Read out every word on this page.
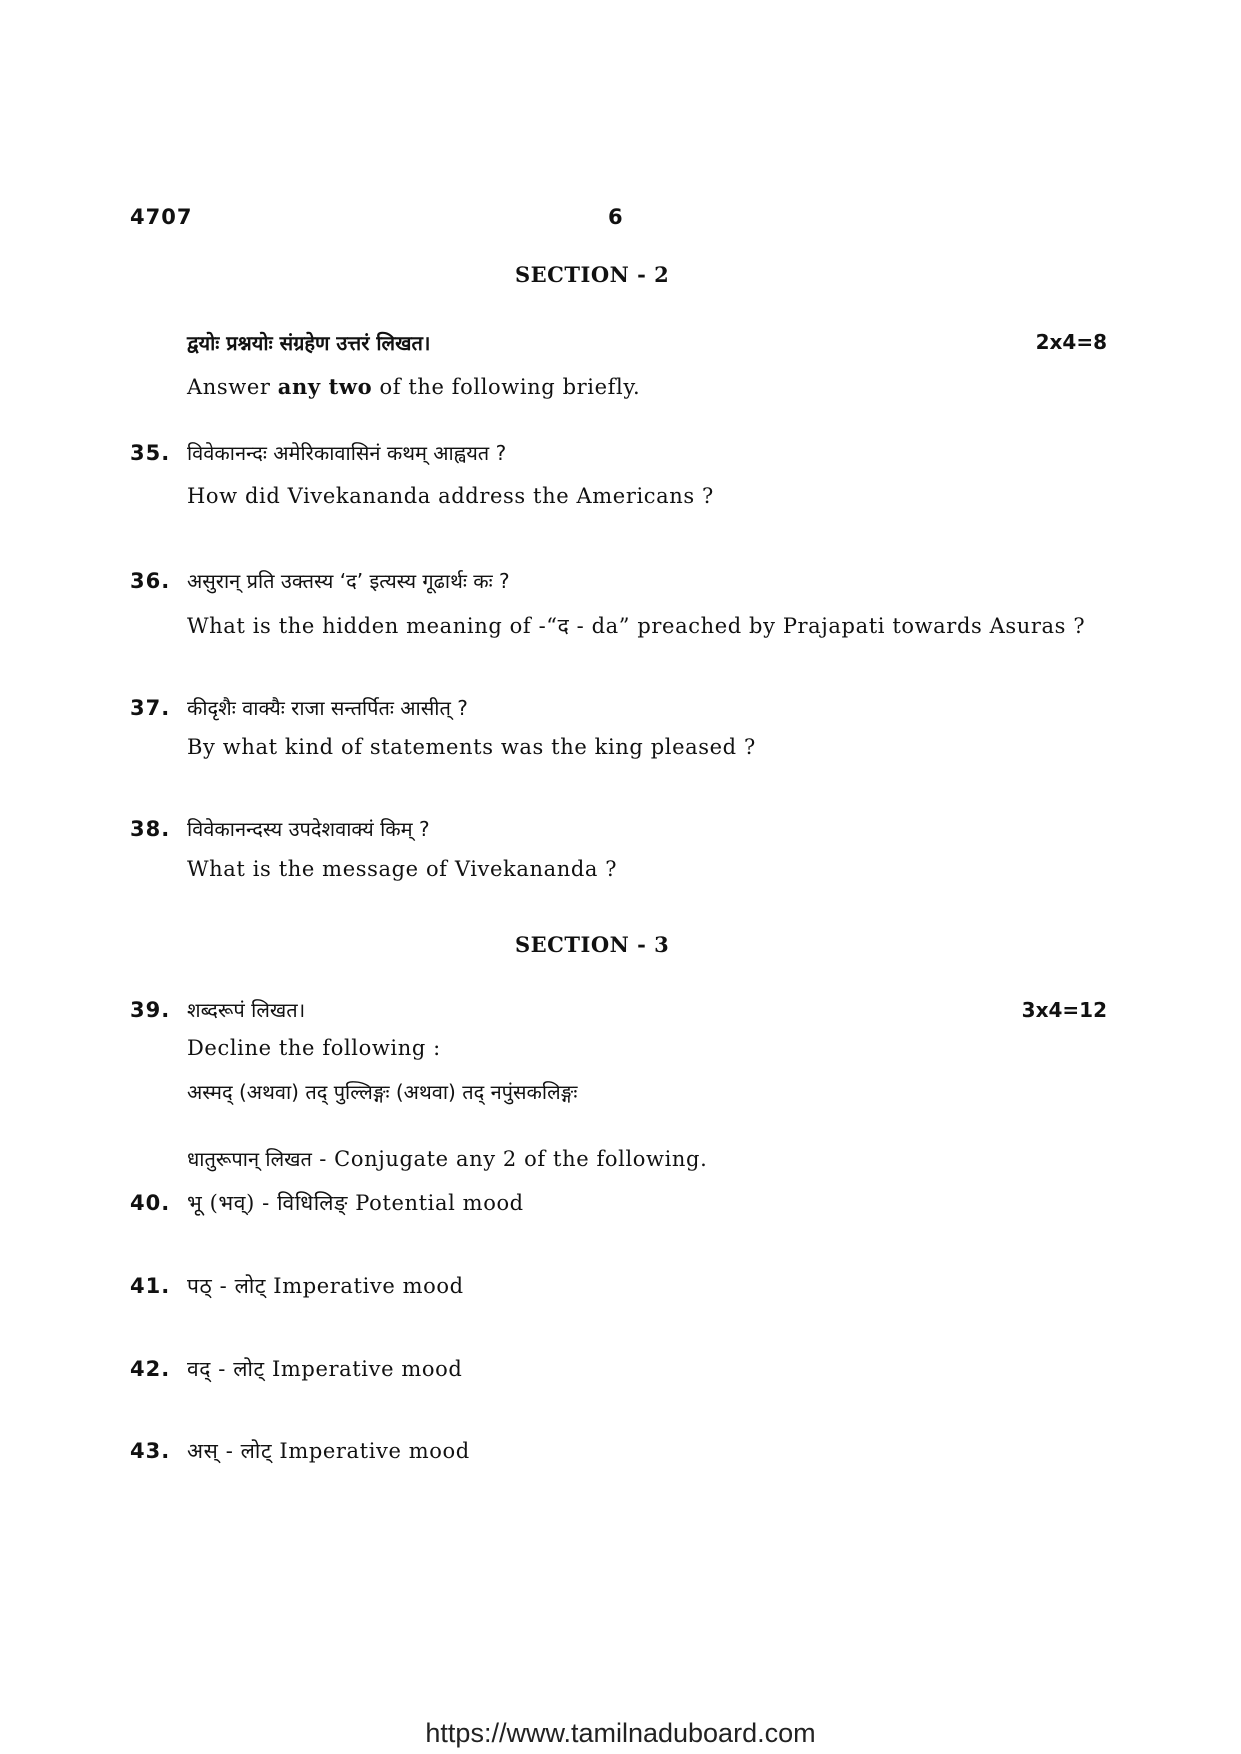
4707	6
SECTION - 2
द्वयोः प्रश्नयोः संग्रहेण उत्तरं लिखत।	2x4=8
Answer any two of the following briefly.
35. विवेकानन्दः अमेरिकावासिनं कथम् आह्वयत ?
How did Vivekananda address the Americans ?
36. असुरान् प्रति उक्तस्य ‘द’ इत्यस्य गूढार्थः कः ?
What is the hidden meaning of -“द - da” preached by Prajapati towards Asuras ?
37. कीदृशैः वाक्यैः राजा सन्तर्पितः आसीत् ?
By what kind of statements was the king pleased ?
38. विवेकानन्दस्य उपदेशवाक्यं किम् ?
What is the message of Vivekananda ?
SECTION - 3
39. शब्दरूपं लिखत।	3x4=12
Decline the following :
अस्मद् (अथवा) तद् पुल्लिङ्गः (अथवा) तद् नपुंसकलिङ्गः
धातुरूपान् लिखत - Conjugate any 2 of the following.
40. भू (भव्) - विधिलिङ् Potential mood
41. पठ् - लोट् Imperative mood
42. वद् - लोट् Imperative mood
43. अस् - लोट् Imperative mood
https://www.tamilnaduboard.com
